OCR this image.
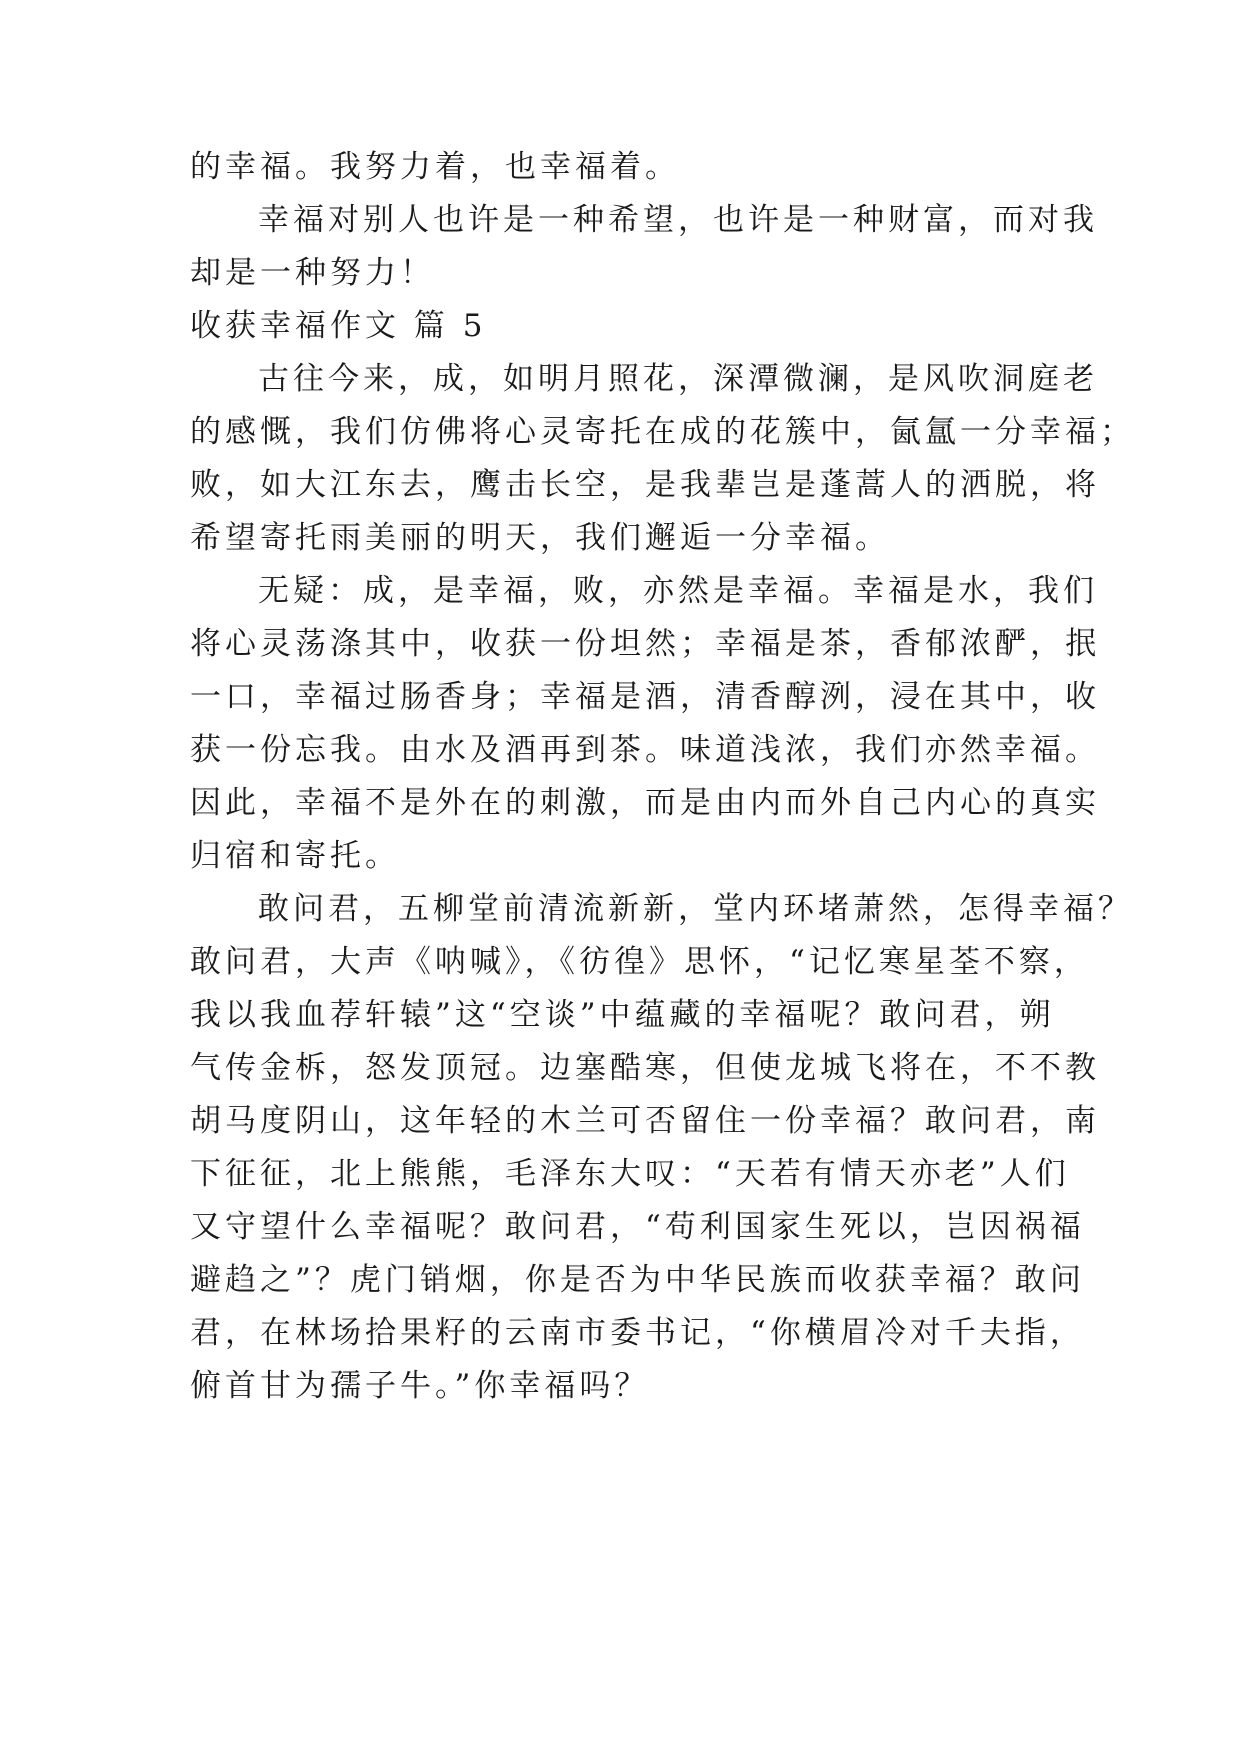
的幸福。我努力着，也幸福着。
幸福对别人也许是一种希望，也许是一种财富，而对我
却是一种努力！
收获幸福作文 篇 5
古往今来，成，如明月照花，深潭微澜，是风吹洞庭老
的感慨，我们仿佛将心灵寄托在成的花簇中，氤氲一分幸福；
败，如大江东去，鹰击长空，是我辈岂是蓬蒿人的洒脱，将
希望寄托雨美丽的明天，我们邂逅一分幸福。
无疑：成，是幸福，败，亦然是幸福。幸福是水，我们
将心灵荡涤其中，收获一份坦然；幸福是茶，香郁浓酽，抿
一口，幸福过肠香身；幸福是酒，清香醇洌，浸在其中，收
获一份忘我。由水及酒再到茶。味道浅浓，我们亦然幸福。
因此，幸福不是外在的刺激，而是由内而外自己内心的真实
归宿和寄托。
敢问君，五柳堂前清流新新，堂内环堵萧然，怎得幸福？
敢问君，大声《呐喊》，《彷徨》思怀，“记忆寒星荃不察，
我以我血荐轩辕”这“空谈”中蕴藏的幸福呢？敢问君，朔
气传金柝，怒发顶冠。边塞酷寒，但使龙城飞将在，不不教
胡马度阴山，这年轻的木兰可否留住一份幸福？敢问君，南
下征征，北上熊熊，毛泽东大叹：“天若有情天亦老”人们
又守望什么幸福呢？敢问君，“苟利国家生死以，岂因祸福
避趋之”？虎门销烟，你是否为中华民族而收获幸福？敢问
君，在林场拾果籽的云南市委书记，“你横眉冷对千夫指，
俯首甘为孺子牛。”你幸福吗？
